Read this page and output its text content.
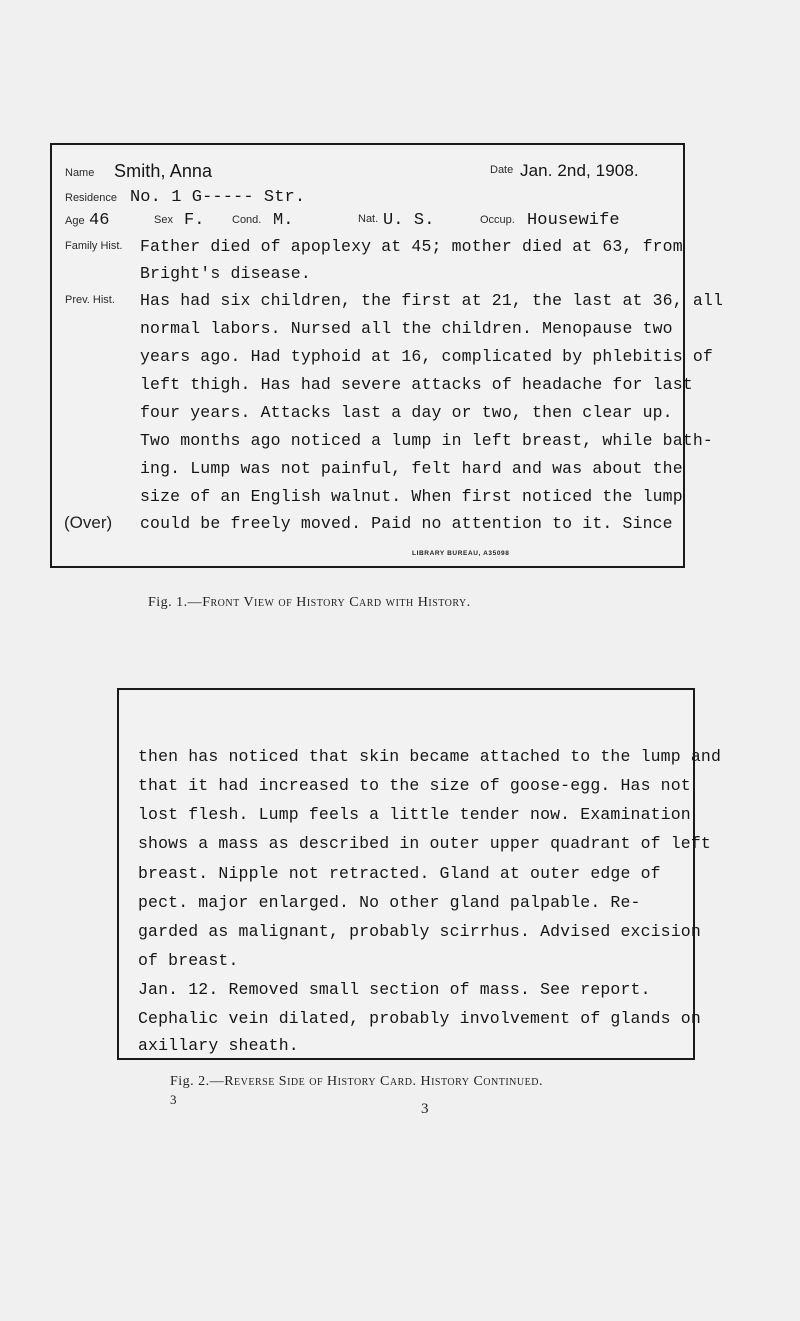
Name Smith, Anna	Date Jan. 2nd, 1908.
Residence No. 1 G----- Str.
Age 46	Sex F. Cond. M.	Nat. U. S.	Occup. Housewife
Family Hist. Father died of apoplexy at 45; mother died at 63, from
Bright's disease.
Prev. Hist. Has had six children, the first at 21, the last at 36, all
normal labors. Nursed all the children. Menopause two
years ago. Had typhoid at 16, complicated by phlebitis of
left thigh. Has had severe attacks of headache for last
four years. Attacks last a day or two, then clear up.
Two months ago noticed a lump in left breast, while bath-
ing. Lump was not painful, felt hard and was about the
size of an English walnut. When first noticed the lump
(Over) could be freely moved. Paid no attention to it. Since
LIBRARY BUREAU, A35098
Fig. 1.—Front View of History Card with History.
then has noticed that skin became attached to the lump and
that it had increased to the size of goose-egg. Has not
lost flesh. Lump feels a little tender now. Examination
shows a mass as described in outer upper quadrant of left
breast. Nipple not retracted. Gland at outer edge of
pect. major enlarged. No other gland palpable. Re-
garded as malignant, probably scirrhus. Advised excision
of breast.
Jan. 12. Removed small section of mass. See report.
Cephalic vein dilated, probably involvement of glands on
axillary sheath.
Fig. 2.—Reverse Side of History Card. History Continued.
3
3
